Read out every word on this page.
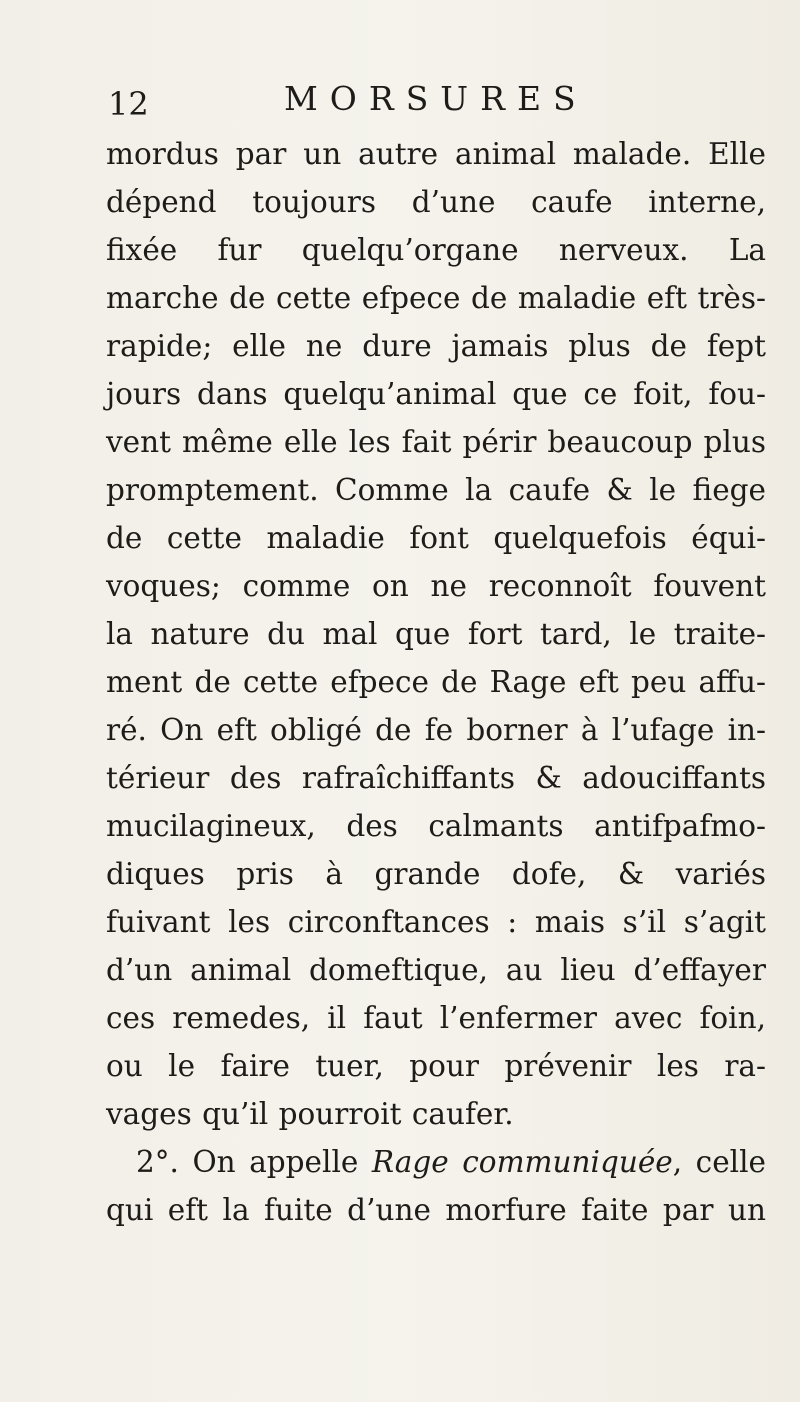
12	MORSURES
mordus par un autre animal malade. Elle
dépend toujours d’une caufe interne,
fixée fur quelqu’organe nerveux. La
marche de cette efpece de maladie eft très-
rapide; elle ne dure jamais plus de fept
jours dans quelqu’animal que ce foit, fou-
vent même elle les fait périr beaucoup plus
promptement. Comme la caufe & le fiege
de cette maladie font quelquefois équi-
voques; comme on ne reconnoît fouvent
la nature du mal que fort tard, le traite-
ment de cette efpece de Rage eft peu affu-
ré. On eft obligé de fe borner à l’ufage in-
térieur des rafraîchiffants & adouciffants
mucilagineux, des calmants antifpafmo-
diques pris à grande dofe, & variés
fuivant les circonftances : mais s’il s’agit
d’un animal domeftique, au lieu d’effayer
ces remedes, il faut l’enfermer avec foin,
ou le faire tuer, pour prévenir les ra-
vages qu’il pourroit caufer.
2°. On appelle Rage communiquée, celle
qui eft la fuite d’une morfure faite par un
